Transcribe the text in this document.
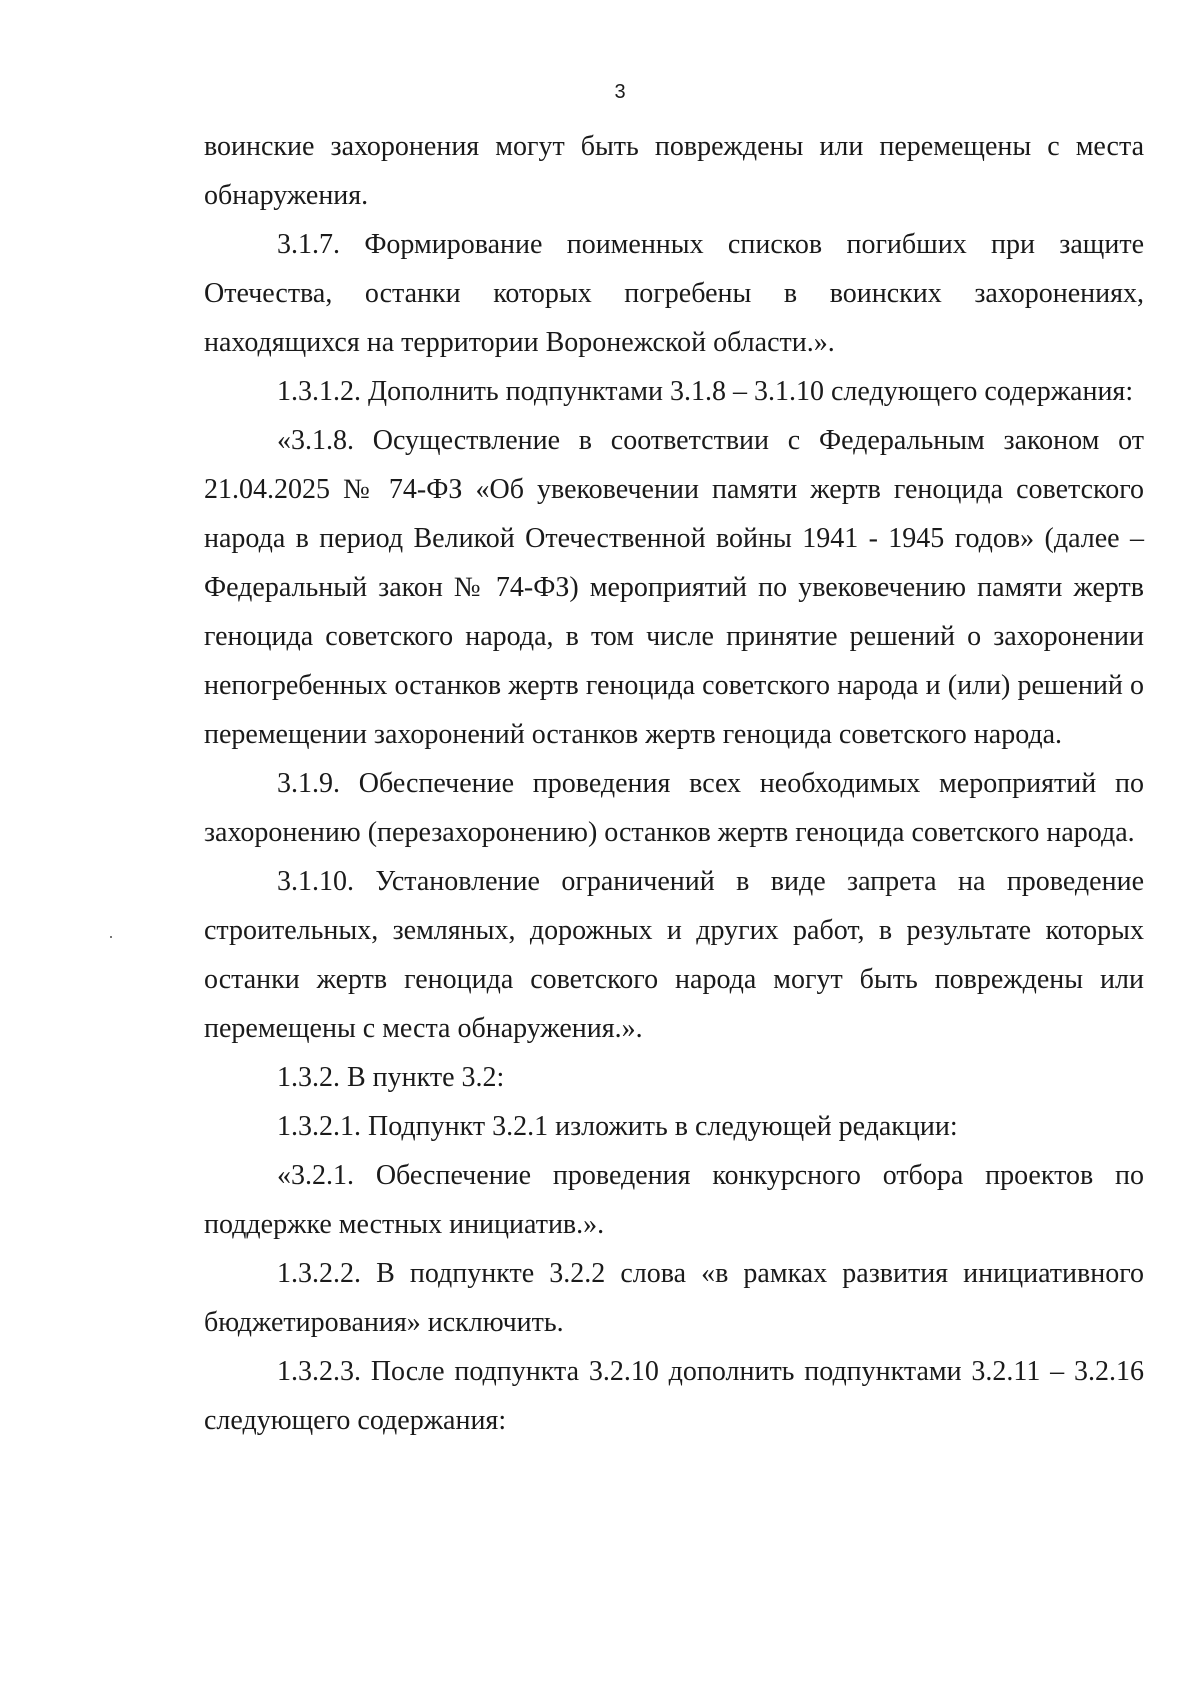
3

воинские захоронения могут быть повреждены или перемещены с места обнаружения.

3.1.7. Формирование поименных списков погибших при защите Отечества, останки которых погребены в воинских захоронениях, находящихся на территории Воронежской области.».

1.3.1.2. Дополнить подпунктами 3.1.8 – 3.1.10 следующего содержания:

«3.1.8. Осуществление в соответствии с Федеральным законом от 21.04.2025 № 74-ФЗ «Об увековечении памяти жертв геноцида советского народа в период Великой Отечественной войны 1941 - 1945 годов» (далее – Федеральный закон № 74-ФЗ) мероприятий по увековечению памяти жертв геноцида советского народа, в том числе принятие решений о захоронении непогребенных останков жертв геноцида советского народа и (или) решений о перемещении захоронений останков жертв геноцида советского народа.

3.1.9. Обеспечение проведения всех необходимых мероприятий по захоронению (перезахоронению) останков жертв геноцида советского народа.

3.1.10. Установление ограничений в виде запрета на проведение строительных, земляных, дорожных и других работ, в результате которых останки жертв геноцида советского народа могут быть повреждены или перемещены с места обнаружения.».

1.3.2. В пункте 3.2:

1.3.2.1. Подпункт 3.2.1 изложить в следующей редакции:

«3.2.1. Обеспечение проведения конкурсного отбора проектов по поддержке местных инициатив.».

1.3.2.2. В подпункте 3.2.2 слова «в рамках развития инициативного бюджетирования» исключить.

1.3.2.3. После подпункта 3.2.10 дополнить подпунктами 3.2.11 – 3.2.16 следующего содержания:
